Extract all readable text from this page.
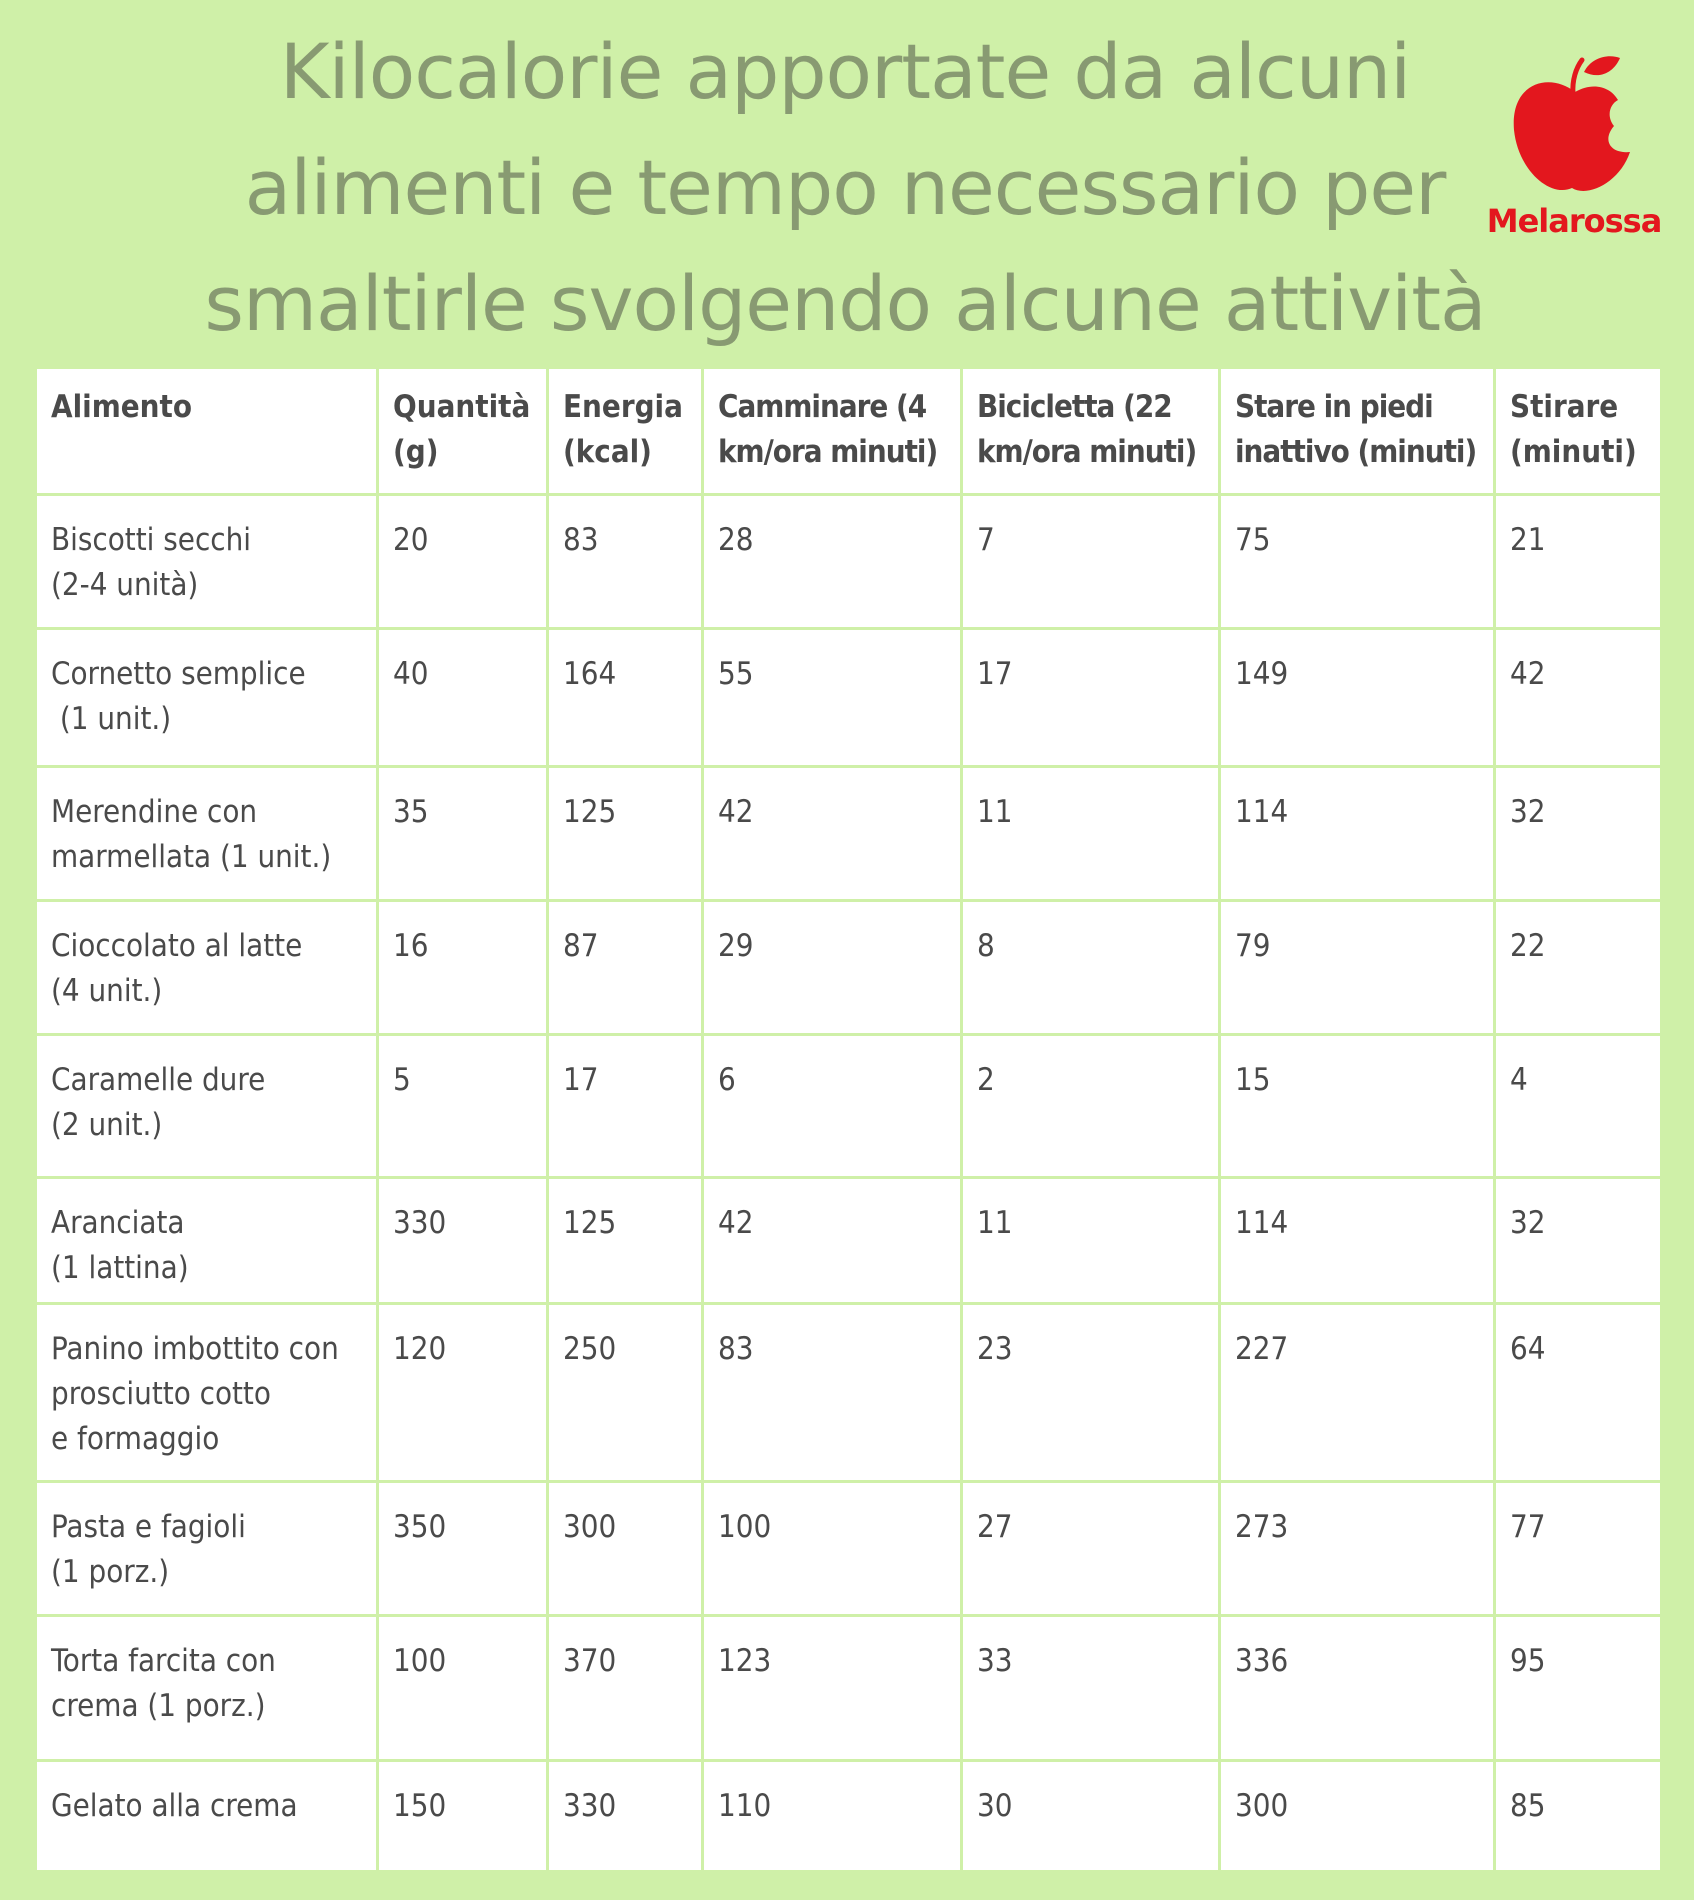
Kilocalorie apportate da alcuni
alimenti e tempo necessario per
smaltirle svolgendo alcune attività
Melarossa
Alimento	Quantità (g)	Energia (kcal)	Camminare (4 km/ora minuti)	Bicicletta (22 km/ora minuti)	Stare in piedi inattivo (minuti)	Stirare (minuti)

Biscotti secchi
(2-4 unità)	20	83	28	7	75	21

Cornetto semplice
(1 unit.)	40	164	55	17	149	42

Merendine con
marmellata (1 unit.)	35	125	42	11	114	32

Cioccolato al latte
(4 unit.)	16	87	29	8	79	22

Caramelle dure
(2 unit.)	5	17	6	2	15	4

Aranciata
(1 lattina)	330	125	42	11	114	32

Panino imbottito con
prosciutto cotto
e formaggio	120	250	83	23	227	64

Pasta e fagioli
(1 porz.)	350	300	100	27	273	77

Torta farcita con
crema (1 porz.)	100	370	123	33	336	95

Gelato alla crema	150	330	110	30	300	85
